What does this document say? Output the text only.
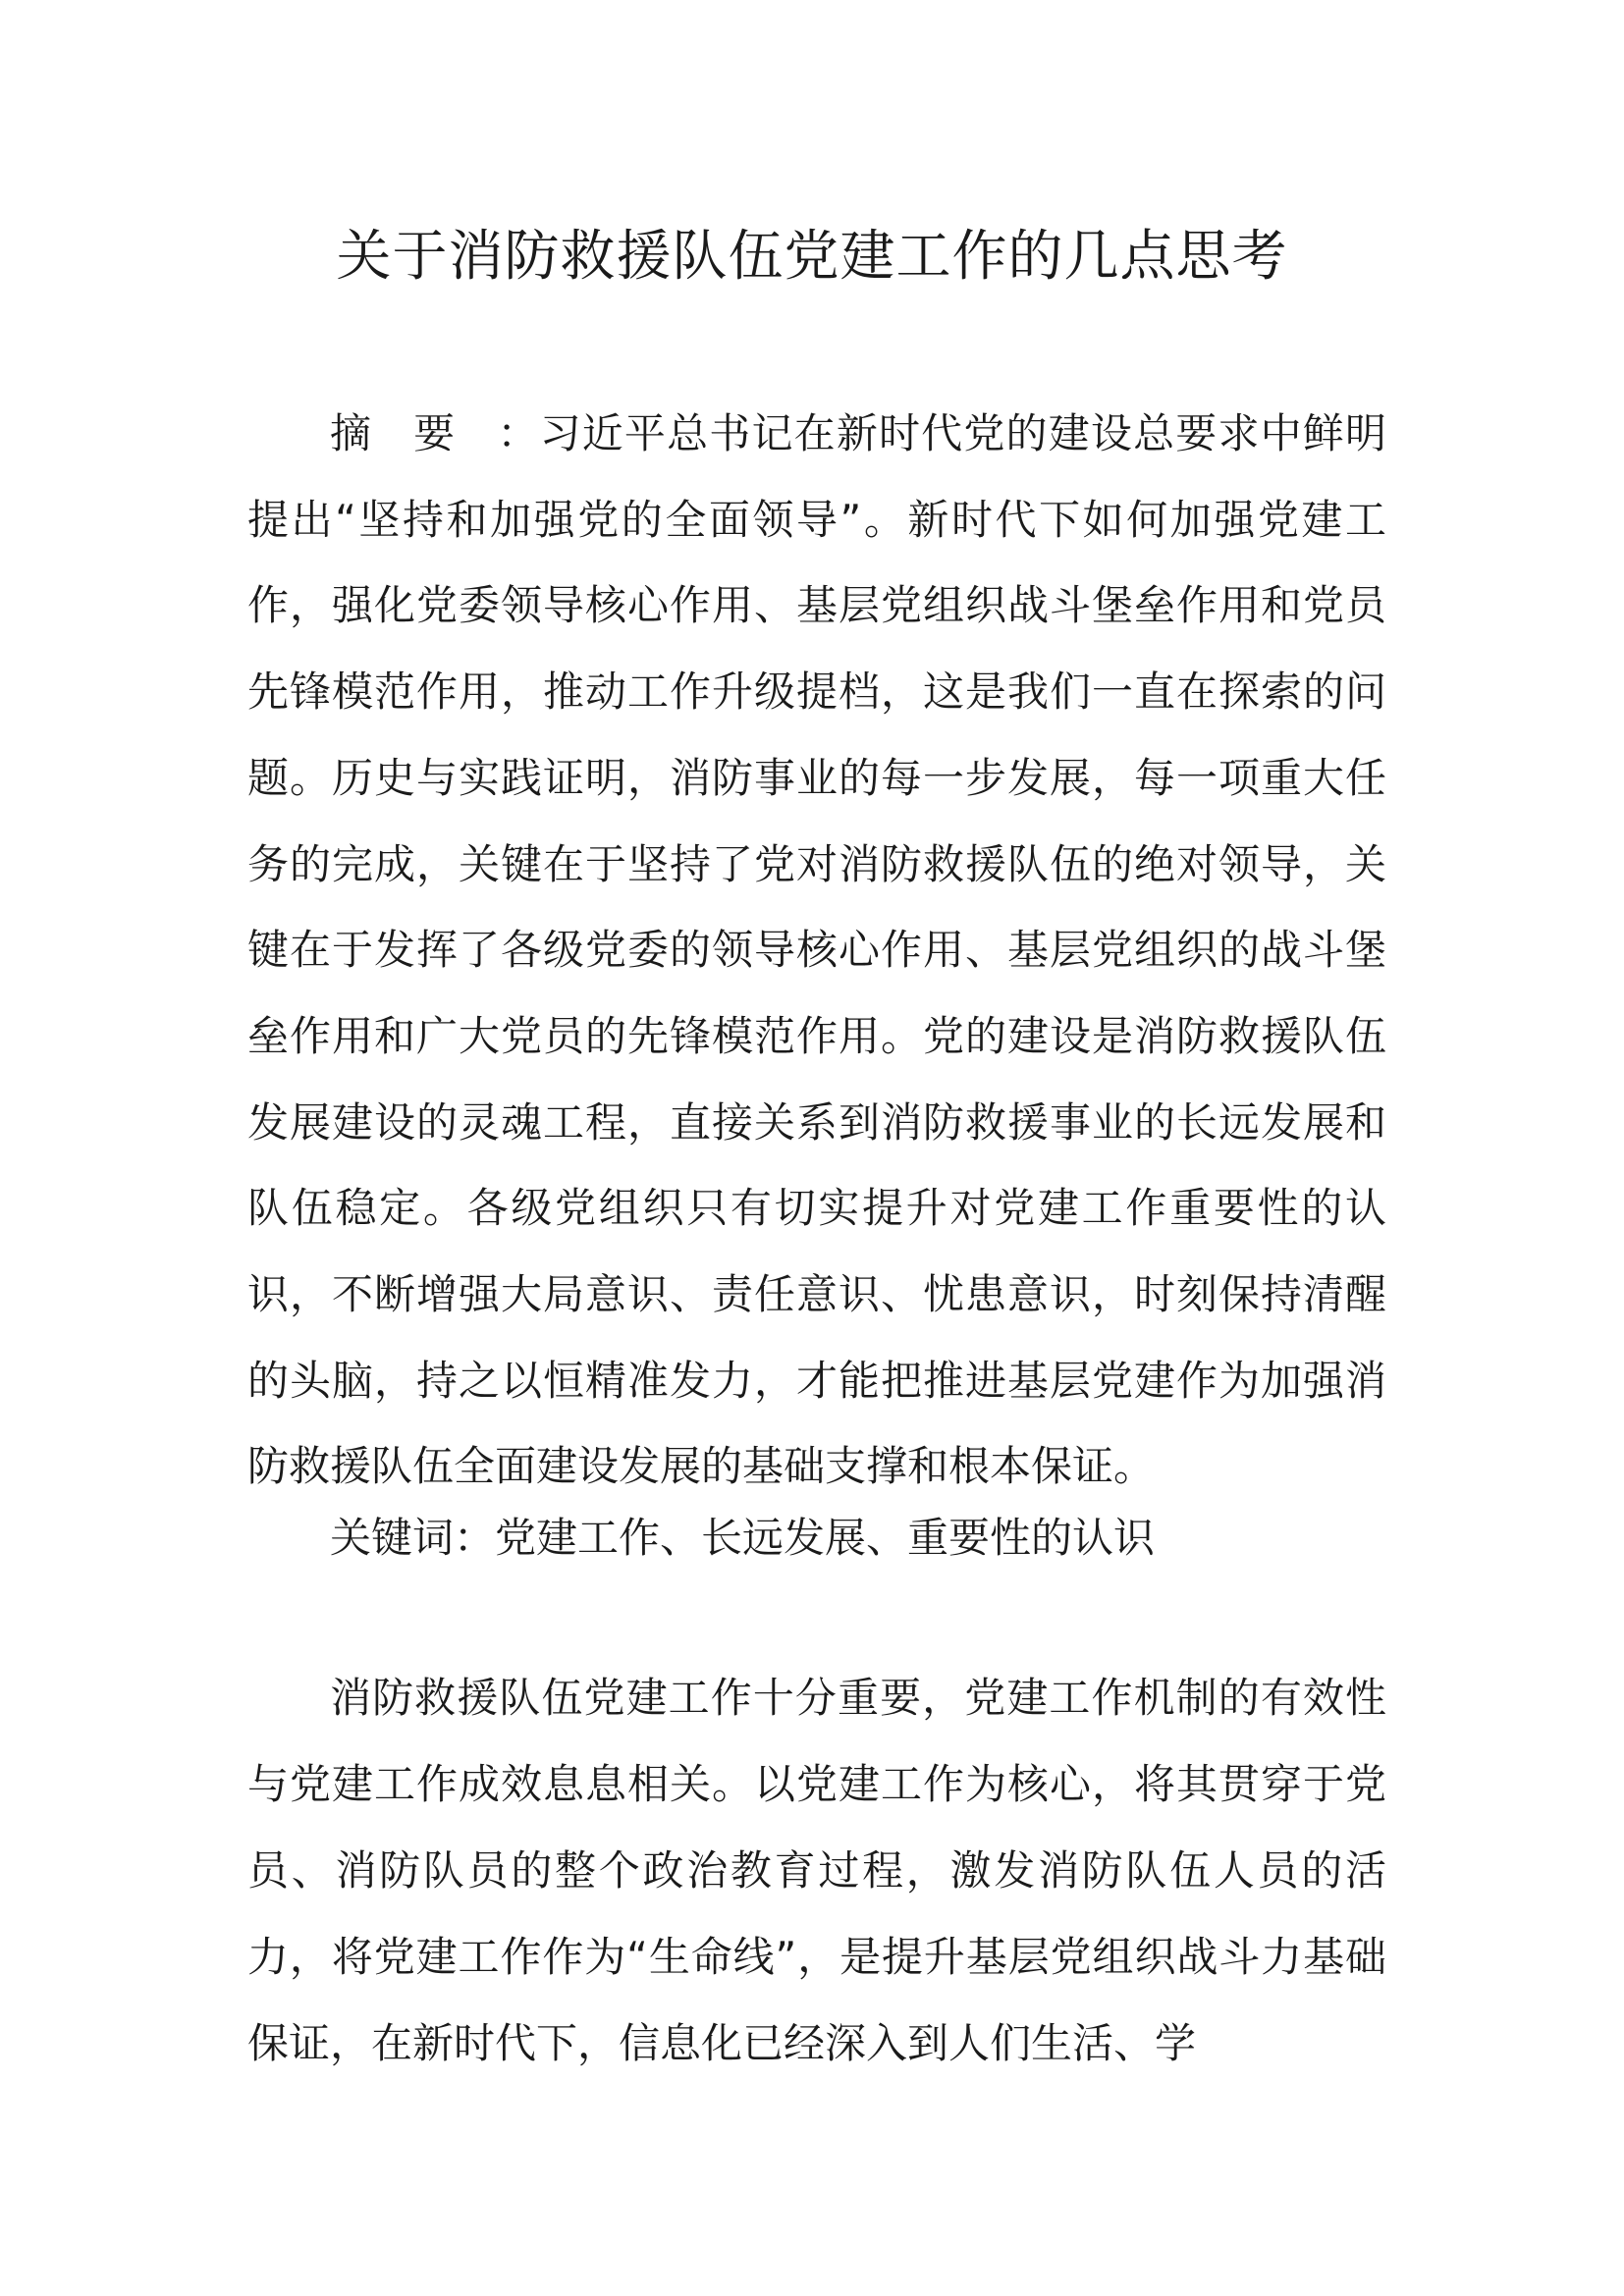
关于消防救援队伍党建工作的几点思考

摘要：习近平总书记在新时代党的建设总要求中鲜明提出“坚持和加强党的全面领导”。新时代下如何加强党建工作，强化党委领导核心作用、基层党组织战斗堡垒作用和党员先锋模范作用，推动工作升级提档，这是我们一直在探索的问题。历史与实践证明，消防事业的每一步发展，每一项重大任务的完成，关键在于坚持了党对消防救援队伍的绝对领导，关键在于发挥了各级党委的领导核心作用、基层党组织的战斗堡垒作用和广大党员的先锋模范作用。党的建设是消防救援队伍发展建设的灵魂工程，直接关系到消防救援事业的长远发展和队伍稳定。各级党组织只有切实提升对党建工作重要性的认识，不断增强大局意识、责任意识、忧患意识，时刻保持清醒的头脑，持之以恒精准发力，才能把推进基层党建作为加强消防救援队伍全面建设发展的基础支撑和根本保证。

关键词：党建工作、长远发展、重要性的认识

消防救援队伍党建工作十分重要，党建工作机制的有效性与党建工作成效息息相关。以党建工作为核心，将其贯穿于党员、消防队员的整个政治教育过程，激发消防队伍人员的活力，将党建工作作为“生命线”，是提升基层党组织战斗力基础保证，在新时代下，信息化已经深入到人们生活、学
